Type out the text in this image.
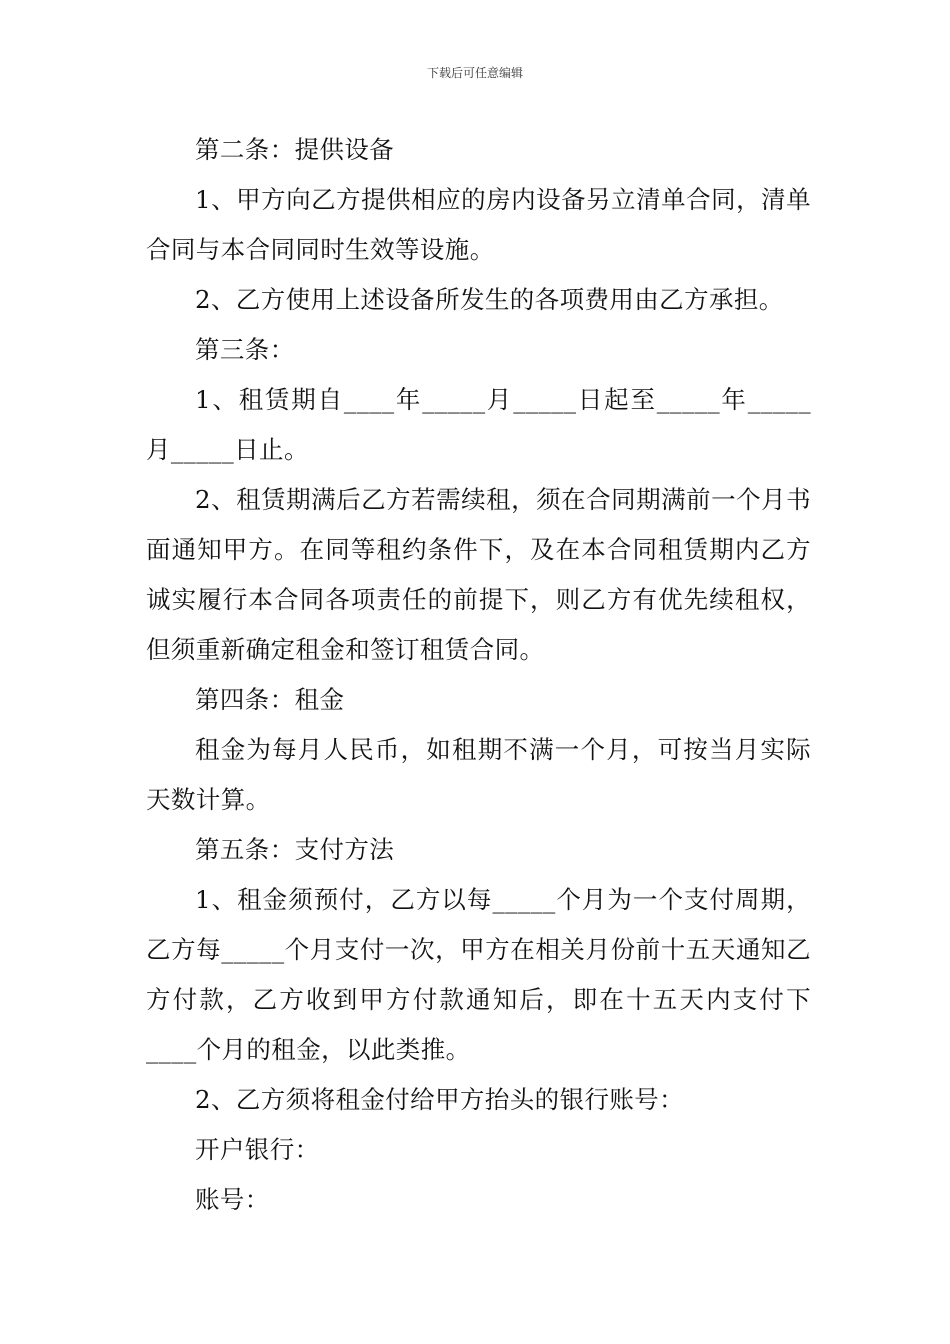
下载后可任意编辑

第二条：提供设备

1、甲方向乙方提供相应的房内设备另立清单合同，清单合同与本合同同时生效等设施。

2、乙方使用上述设备所发生的各项费用由乙方承担。

第三条：

1、租赁期自____年_____月_____日起至_____年_____月_____日止。

2、租赁期满后乙方若需续租，须在合同期满前一个月书面通知甲方。在同等租约条件下，及在本合同租赁期内乙方诚实履行本合同各项责任的前提下，则乙方有优先续租权，但须重新确定租金和签订租赁合同。

第四条：租金

租金为每月人民币，如租期不满一个月，可按当月实际天数计算。

第五条：支付方法

1、租金须预付，乙方以每_____个月为一个支付周期，乙方每_____个月支付一次，甲方在相关月份前十五天通知乙方付款，乙方收到甲方付款通知后，即在十五天内支付下____个月的租金，以此类推。

2、乙方须将租金付给甲方抬头的银行账号：

开户银行：

账号：
